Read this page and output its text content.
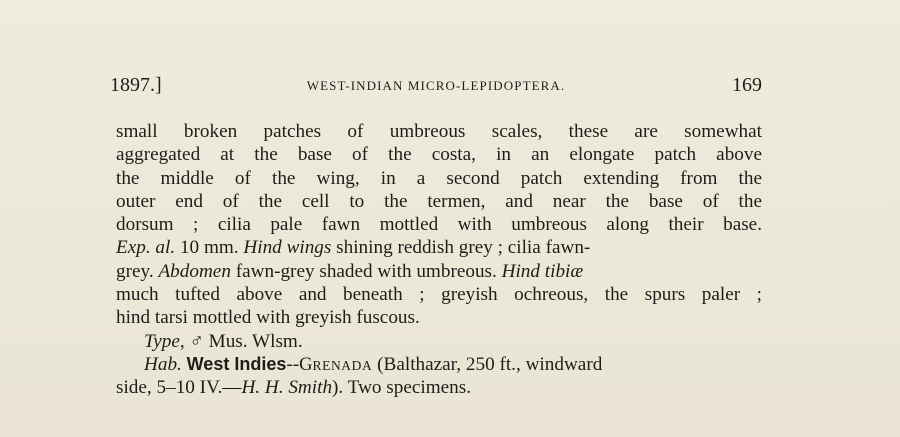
1897.]	WEST-INDIAN MICRO-LEPIDOPTERA.	169
small broken patches of umbreous scales, these are somewhat
aggregated at the base of the costa, in an elongate patch above
the middle of the wing, in a second patch extending from the
outer end of the cell to the termen, and near the base of the
dorsum ; cilia pale fawn mottled with umbreous along their base.
Exp. al. 10 mm. Hind wings shining reddish grey ; cilia fawn-
grey. Abdomen fawn-grey shaded with umbreous. Hind tibiæ
much tufted above and beneath ; greyish ochreous, the spurs paler ;
hind tarsi mottled with greyish fuscous.
Type, ♂ Mus. Wlsm.
Hab. West Indies--GRENADA (Balthazar, 250 ft., windward
side, 5–10 IV.—H. H. Smith). Two specimens.
